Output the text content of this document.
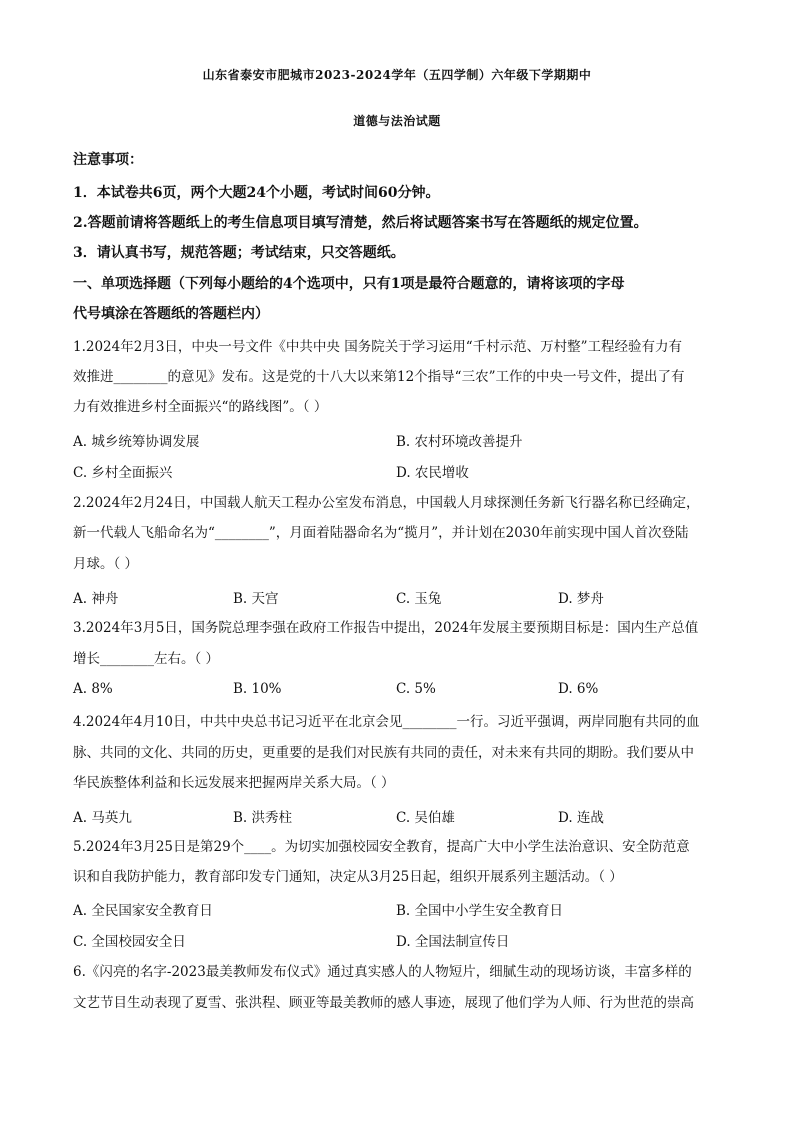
山东省泰安市肥城市2023-2024学年（五四学制）六年级下学期期中
道德与法治试题
注意事项：
1．本试卷共6页，两个大题24个小题，考试时间60分钟。
2.答题前请将答题纸上的考生信息项目填写清楚，然后将试题答案书写在答题纸的规定位置。
3．请认真书写，规范答题；考试结束，只交答题纸。
一、单项选择题（下列每小题给的4个选项中，只有1项是最符合题意的，请将该项的字母
代号填涂在答题纸的答题栏内）
1.2024年2月3日，中央一号文件《中共中央 国务院关于学习运用“千村示范、万村整”工程经验有力有
效推进________的意见》发布。这是党的十八大以来第12个指导“三农”工作的中央一号文件，提出了有
力有效推进乡村全面振兴“的路线图”。（ ）
A. 城乡统筹协调发展	B. 农村环境改善提升
C. 乡村全面振兴	D. 农民增收
2.2024年2月24日，中国载人航天工程办公室发布消息，中国载人月球探测任务新飞行器名称已经确定，
新一代载人飞船命名为“________”，月面着陆器命名为“揽月”，并计划在2030年前实现中国人首次登陆
月球。（ ）
A. 神舟	B. 天宫	C. 玉兔	D. 梦舟
3.2024年3月5日，国务院总理李强在政府工作报告中提出，2024年发展主要预期目标是：国内生产总值
增长________左右。（ ）
A. 8%	B. 10%	C. 5%	D. 6%
4.2024年4月10日，中共中央总书记习近平在北京会见________一行。习近平强调，两岸同胞有共同的血
脉、共同的文化、共同的历史，更重要的是我们对民族有共同的责任，对未来有共同的期盼。我们要从中
华民族整体利益和长远发展来把握两岸关系大局。（ ）
A. 马英九	B. 洪秀柱	C. 吴伯雄	D. 连战
5.2024年3月25日是第29个____。为切实加强校园安全教育，提高广大中小学生法治意识、安全防范意
识和自我防护能力，教育部印发专门通知，决定从3月25日起，组织开展系列主题活动。（ ）
A. 全民国家安全教育日	B. 全国中小学生安全教育日
C. 全国校园安全日	D. 全国法制宣传日
6.《闪亮的名字-2023最美教师发布仪式》通过真实感人的人物短片，细腻生动的现场访谈，丰富多样的
文艺节目生动表现了夏雪、张洪程、顾亚等最美教师的感人事迹，展现了他们学为人师、行为世范的崇高
